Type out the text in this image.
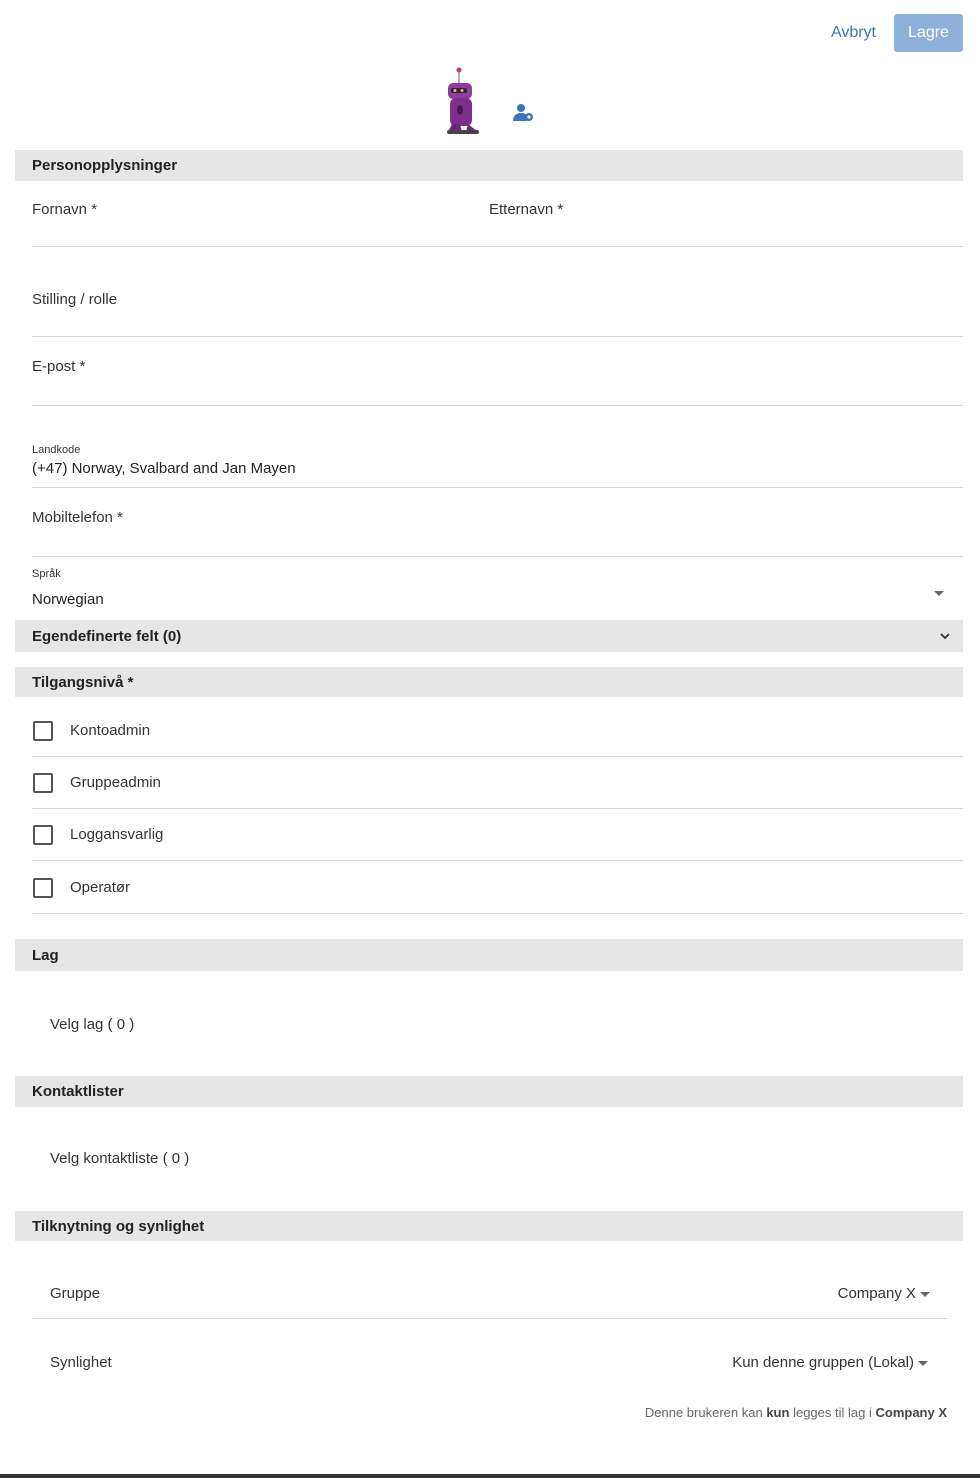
Avbryt	Lagre
Personopplysninger
Fornavn *	Etternavn *
Stilling / rolle
E-post *
Landkode
(+47) Norway, Svalbard and Jan Mayen
Mobiltelefon *
Språk
Norwegian
Egendefinerte felt (0)
Tilgangsnivå *
Kontoadmin
Gruppeadmin
Loggansvarlig
Operatør
Lag
Velg lag ( 0 )
Kontaktlister
Velg kontaktliste ( 0 )
Tilknytning og synlighet
Gruppe	Company X
Synlighet	Kun denne gruppen (Lokal)
Denne brukeren kan kun legges til lag i Company X
